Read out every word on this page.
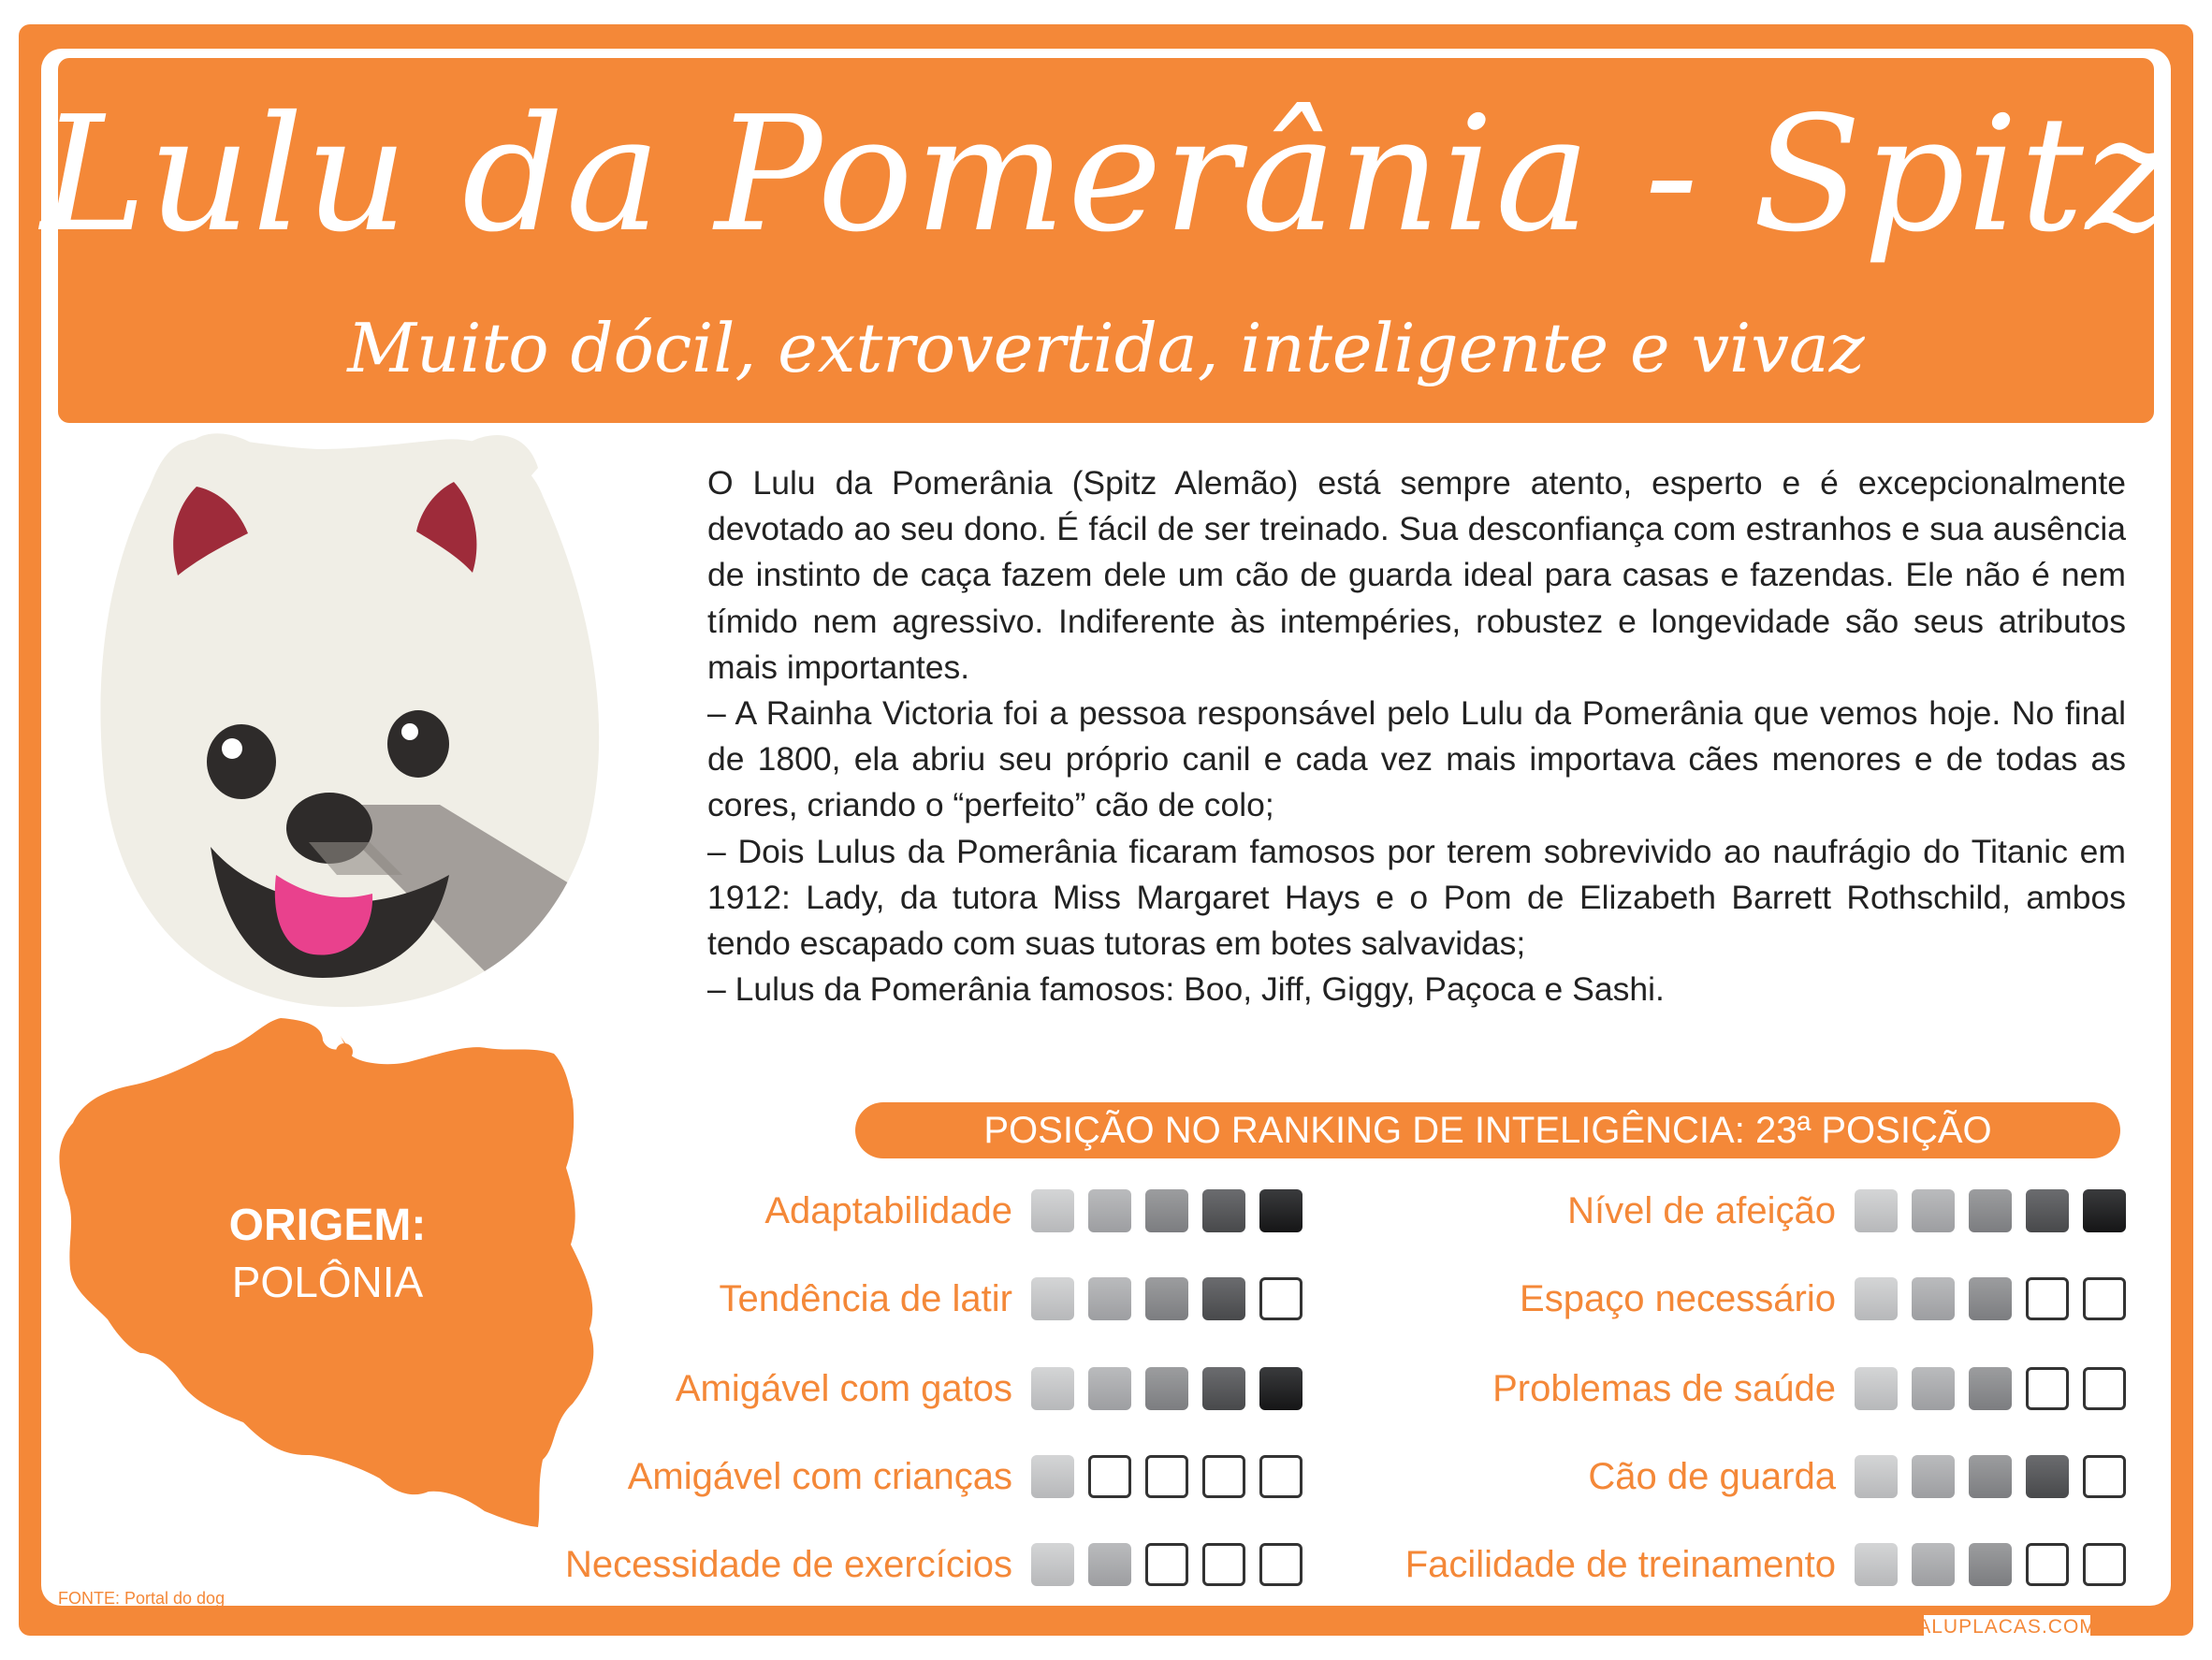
Lulu da Pomerânia - Spitz
Muito dócil, extrovertida, inteligente e vivaz
ORIGEM:
POLÔNIA

O Lulu da Pomerânia (Spitz Alemão) está sempre atento, esperto e é excepcionalmente devotado ao seu dono. É fácil de ser treinado. Sua desconfiança com estranhos e sua ausência de instinto de caça fazem dele um cão de guarda ideal para casas e fazendas. Ele não é nem tímido nem agressivo. Indiferente às intempéries, robustez e longevidade são seus atributos mais importantes.

– A Rainha Victoria foi a pessoa responsável pelo Lulu da Pomerânia que vemos hoje. No final de 1800, ela abriu seu próprio canil e cada vez mais importava cães menores e de todas as cores, criando o “perfeito” cão de colo;

– Dois Lulus da Pomerânia ficaram famosos por terem sobrevivido ao naufrágio do Titanic em 1912: Lady, da tutora Miss Margaret Hays e o Pom de Elizabeth Barrett Rothschild, ambos tendo escapado com suas tutoras em botes salvavidas;

– Lulus da Pomerânia famosos: Boo, Jiff, Giggy, Paçoca e Sashi.

POSIÇÃO NO RANKING DE INTELIGÊNCIA: 23ª POSIÇÃO
Adaptabilidade
Tendência de latir
Amigável com gatos
Amigável com crianças
Necessidade de exercícios
Nível de afeição
Espaço necessário
Problemas de saúde
Cão de guarda
Facilidade de treinamento
FONTE: Portal do dog
ALUPLACAS.COM
